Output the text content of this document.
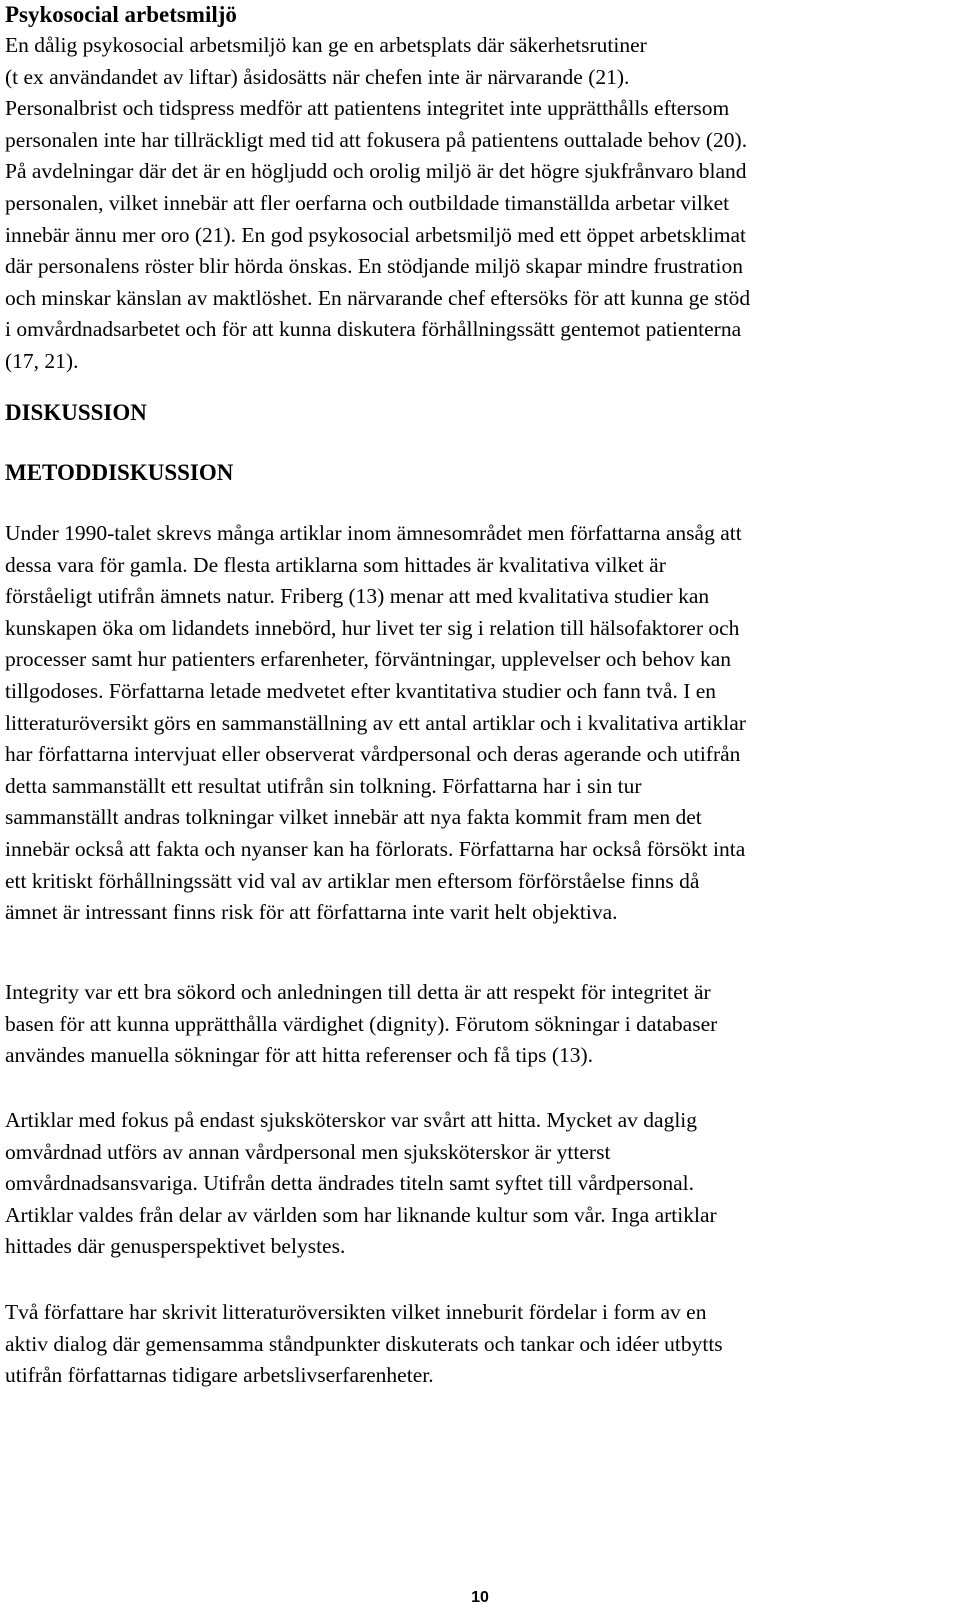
Psykosocial arbetsmiljö

En dålig psykosocial arbetsmiljö kan ge en arbetsplats där säkerhetsrutiner
(t ex användandet av liftar) åsidosätts när chefen inte är närvarande (21).
Personalbrist och tidspress medför att patientens integritet inte upprätthålls eftersom
personalen inte har tillräckligt med tid att fokusera på patientens outtalade behov (20).
På avdelningar där det är en högljudd och orolig miljö är det högre sjukfrånvaro bland
personalen, vilket innebär att fler oerfarna och outbildade timanställda arbetar vilket
innebär ännu mer oro (21). En god psykosocial arbetsmiljö med ett öppet arbetsklimat
där personalens röster blir hörda önskas. En stödjande miljö skapar mindre frustration
och minskar känslan av maktlöshet. En närvarande chef eftersöks för att kunna ge stöd
i omvårdnadsarbetet och för att kunna diskutera förhållningssätt gentemot patienterna
(17, 21).

DISKUSSION
METODDISKUSSION

Under 1990-talet skrevs många artiklar inom ämnesområdet men författarna ansåg att
dessa vara för gamla. De flesta artiklarna som hittades är kvalitativa vilket är
förståeligt utifrån ämnets natur. Friberg (13) menar att med kvalitativa studier kan
kunskapen öka om lidandets innebörd, hur livet ter sig i relation till hälsofaktorer och
processer samt hur patienters erfarenheter, förväntningar, upplevelser och behov kan
tillgodoses. Författarna letade medvetet efter kvantitativa studier och fann två. I en
litteraturöversikt görs en sammanställning av ett antal artiklar och i kvalitativa artiklar
har författarna intervjuat eller observerat vårdpersonal och deras agerande och utifrån
detta sammanställt ett resultat utifrån sin tolkning. Författarna har i sin tur
sammanställt andras tolkningar vilket innebär att nya fakta kommit fram men det
innebär också att fakta och nyanser kan ha förlorats. Författarna har också försökt inta
ett kritiskt förhållningssätt vid val av artiklar men eftersom förförståelse finns då
ämnet är intressant finns risk för att författarna inte varit helt objektiva.

Integrity var ett bra sökord och anledningen till detta är att respekt för integritet är
basen för att kunna upprätthålla värdighet (dignity). Förutom sökningar i databaser
användes manuella sökningar för att hitta referenser och få tips (13).

Artiklar med fokus på endast sjuksköterskor var svårt att hitta. Mycket av daglig
omvårdnad utförs av annan vårdpersonal men sjuksköterskor är ytterst
omvårdnadsansvariga. Utifrån detta ändrades titeln samt syftet till vårdpersonal.
Artiklar valdes från delar av världen som har liknande kultur som vår. Inga artiklar
hittades där genusperspektivet belystes.

Två författare har skrivit litteraturöversikten vilket inneburit fördelar i form av en
aktiv dialog där gemensamma ståndpunkter diskuterats och tankar och idéer utbytts
utifrån författarnas tidigare arbetslivserfarenheter.

10
